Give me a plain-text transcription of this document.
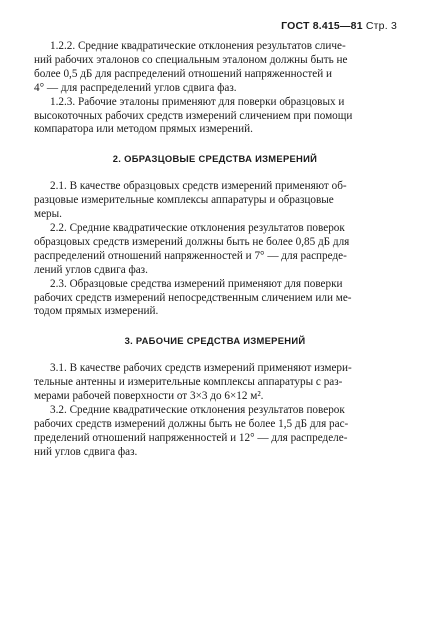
ГОСТ 8.415—81 Стр. 3

1.2.2. Средние квадратические отклонения результатов сличе-
ний рабочих эталонов со специальным эталоном должны быть не
более 0,5 дБ для распределений отношений напряженностей и
4° — для распределений углов сдвига фаз.

1.2.3. Рабочие эталоны применяют для поверки образцовых и
высокоточных рабочих средств измерений сличением при помощи
компаратора или методом прямых измерений.

2. ОБРАЗЦОВЫЕ СРЕДСТВА ИЗМЕРЕНИЙ

2.1. В качестве образцовых средств измерений применяют об-
разцовые измерительные комплексы аппаратуры и образцовые
меры.

2.2. Средние квадратические отклонения результатов поверок
образцовых средств измерений должны быть не более 0,85 дБ для
распределений отношений напряженностей и 7° — для распреде-
лений углов сдвига фаз.

2.3. Образцовые средства измерений применяют для поверки
рабочих средств измерений непосредственным сличением или ме-
тодом прямых измерений.

3. РАБОЧИЕ СРЕДСТВА ИЗМЕРЕНИЙ

3.1. В качестве рабочих средств измерений применяют измери-
тельные антенны и измерительные комплексы аппаратуры с раз-
мерами рабочей поверхности от 3×3 до 6×12 м².

3.2. Средние квадратические отклонения результатов поверок
рабочих средств измерений должны быть не более 1,5 дБ для рас-
пределений отношений напряженностей и 12° — для распределе-
ний углов сдвига фаз.
